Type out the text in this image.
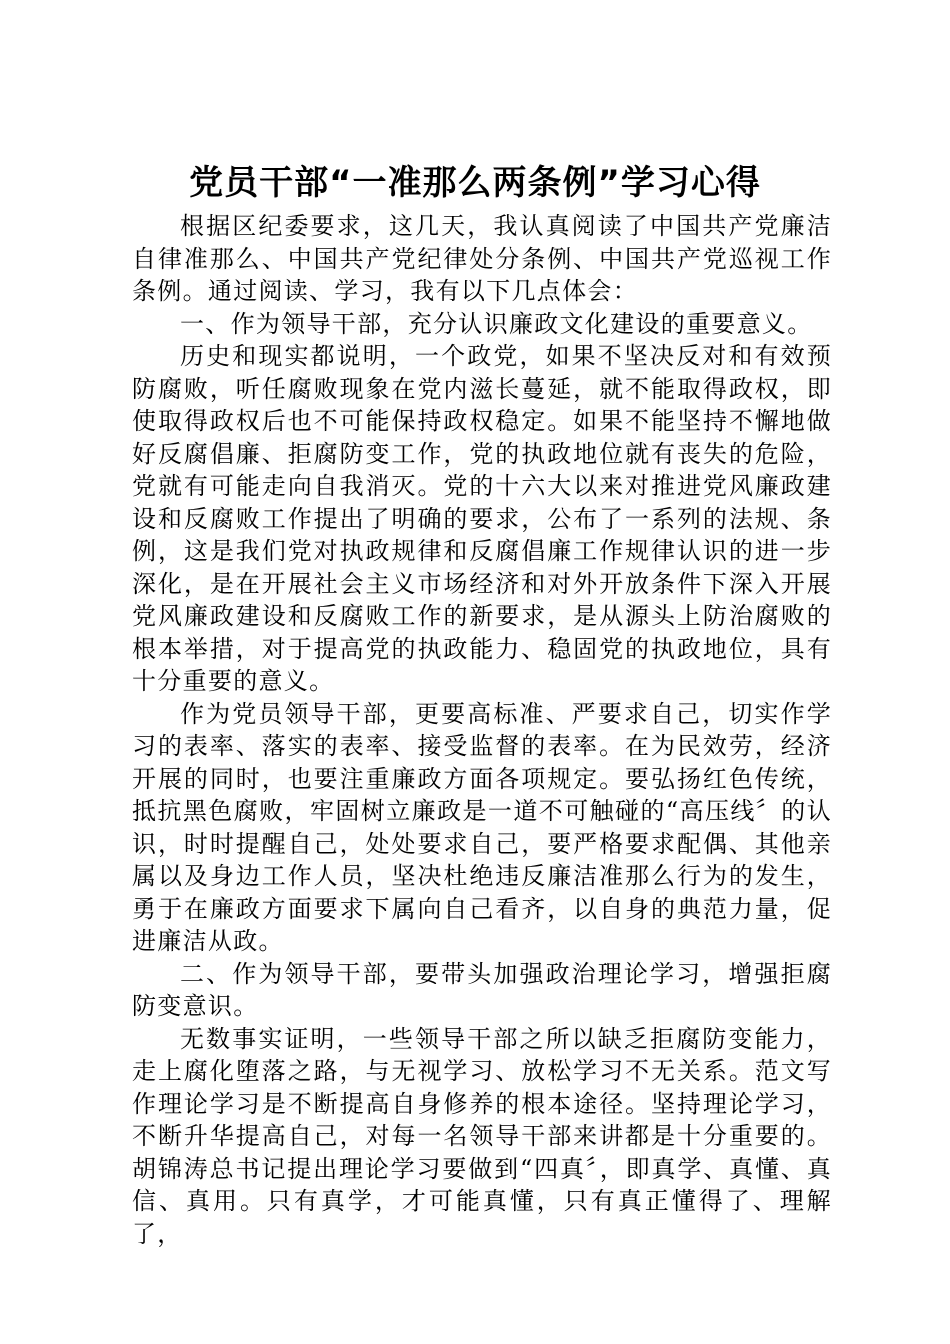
党员干部“一准那么两条例”学习心得

根据区纪委要求，这几天，我认真阅读了中国共产党廉洁自律准那么、中国共产党纪律处分条例、中国共产党巡视工作条例。通过阅读、学习，我有以下几点体会：

一、作为领导干部，充分认识廉政文化建设的重要意义。

历史和现实都说明，一个政党，如果不坚决反对和有效预防腐败，听任腐败现象在党内滋长蔓延，就不能取得政权，即使取得政权后也不可能保持政权稳定。如果不能坚持不懈地做好反腐倡廉、拒腐防变工作，党的执政地位就有丧失的危险，党就有可能走向自我消灭。党的十六大以来对推进党风廉政建设和反腐败工作提出了明确的要求，公布了一系列的法规、条例，这是我们党对执政规律和反腐倡廉工作规律认识的进一步深化，是在开展社会主义市场经济和对外开放条件下深入开展党风廉政建设和反腐败工作的新要求，是从源头上防治腐败的根本举措，对于提高党的执政能力、稳固党的执政地位，具有十分重要的意义。

作为党员领导干部，更要高标准、严要求自己，切实作学习的表率、落实的表率、接受监督的表率。在为民效劳，经济开展的同时，也要注重廉政方面各项规定。要弘扬红色传统，抵抗黑色腐败，牢固树立廉政是一道不可触碰的“高压线〞的认识，时时提醒自己，处处要求自己，要严格要求配偶、其他亲属以及身边工作人员，坚决杜绝违反廉洁准那么行为的发生，勇于在廉政方面要求下属向自己看齐，以自身的典范力量，促进廉洁从政。

二、作为领导干部，要带头加强政治理论学习，增强拒腐防变意识。

无数事实证明，一些领导干部之所以缺乏拒腐防变能力，走上腐化堕落之路，与无视学习、放松学习不无关系。范文写作理论学习是不断提高自身修养的根本途径。坚持理论学习，不断升华提高自己，对每一名领导干部来讲都是十分重要的。胡锦涛总书记提出理论学习要做到“四真〞，即真学、真懂、真信、真用。只有真学，才可能真懂，只有真正懂得了、理解了，
